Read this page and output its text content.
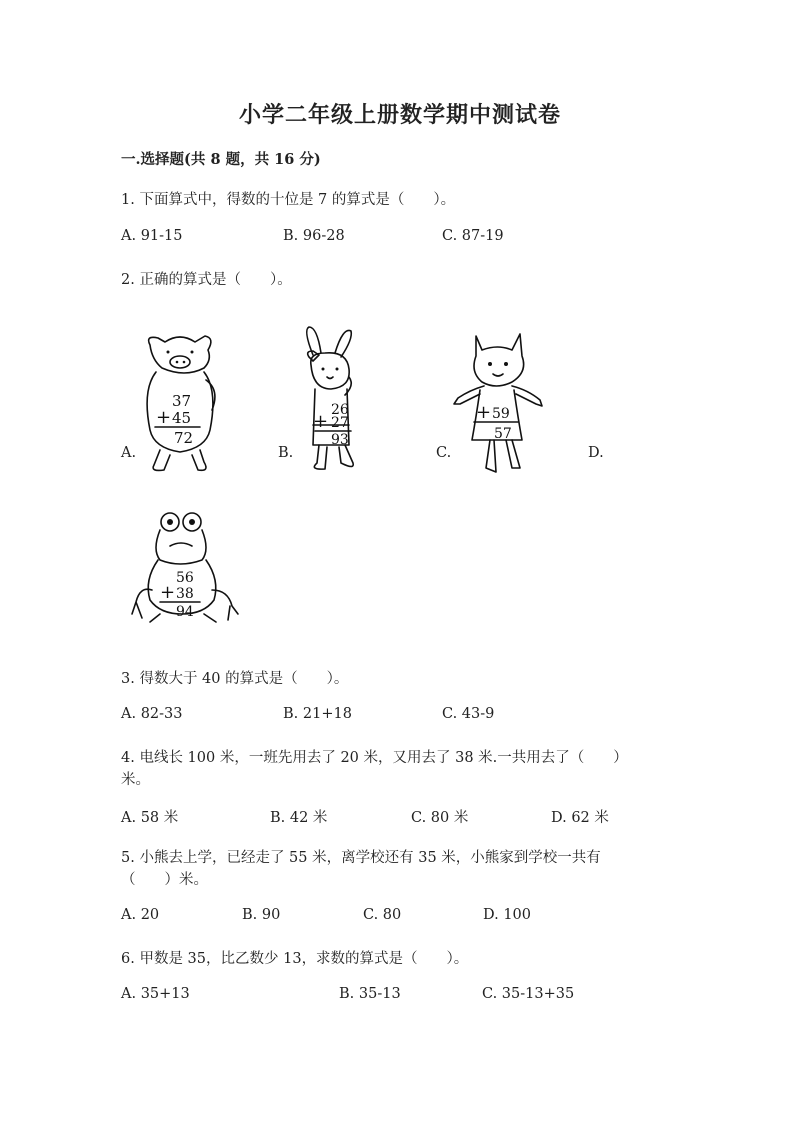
小学二年级上册数学期中测试卷
一.选择题(共 8 题，共 16 分)
1. 下面算式中，得数的十位是 7 的算式是（　　）。
A. 91-15	B. 96-28	C. 87-19
2. 正确的算式是（　　）。
37
+ 45
72
26
+ 27
93
+ 59
57
A.	B.	C.	D.
56
+ 38
94
3. 得数大于 40 的算式是（　　）。
A. 82-33	B. 21+18	C. 43-9
4. 电线长 100 米，一班先用去了 20 米，又用去了 38 米.一共用去了（　　）
米。
A. 58 米	B. 42 米	C. 80 米	D. 62 米
5. 小熊去上学，已经走了 55 米，离学校还有 35 米，小熊家到学校一共有
（　　）米。
A. 20	B. 90	C. 80	D. 100
6. 甲数是 35，比乙数少 13，求数的算式是（　　）。
A. 35+13	B. 35-13	C. 35-13+35
